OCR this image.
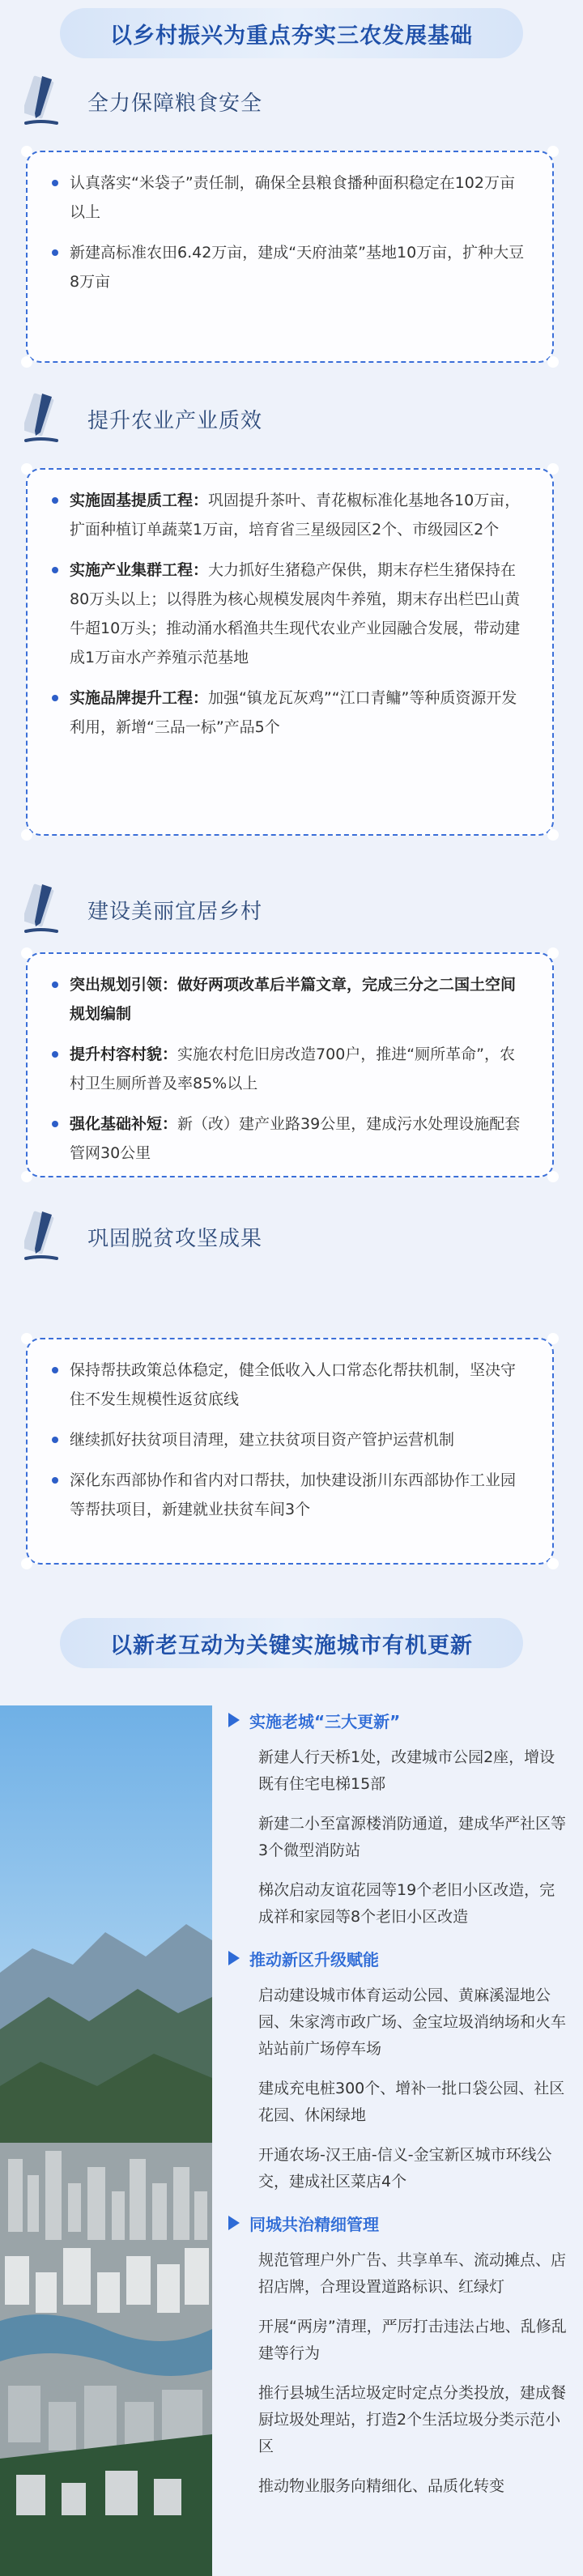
以乡村振兴为重点夯实三农发展基础
全力保障粮食安全
认真落实“米袋子”责任制，确保全县粮食播种面积稳定在102万亩以上
新建高标准农田6.42万亩，建成“天府油菜”基地10万亩，扩种大豆8万亩
提升农业产业质效
实施固基提质工程：巩固提升茶叶、青花椒标准化基地各10万亩，扩面种植订单蔬菜1万亩，培育省三星级园区2个、市级园区2个
实施产业集群工程：大力抓好生猪稳产保供，期末存栏生猪保持在80万头以上；以得胜为核心规模发展肉牛养殖，期末存出栏巴山黄牛超10万头；推动涌水稻渔共生现代农业产业园融合发展，带动建成1万亩水产养殖示范基地
实施品牌提升工程：加强“镇龙瓦灰鸡”“江口青鳙”等种质资源开发利用，新增“三品一标”产品5个
建设美丽宜居乡村
突出规划引领：做好两项改革后半篇文章，完成三分之二国土空间规划编制
提升村容村貌：实施农村危旧房改造700户，推进“厕所革命”，农村卫生厕所普及率85%以上
强化基础补短：新（改）建产业路39公里，建成污水处理设施配套管网30公里
巩固脱贫攻坚成果
保持帮扶政策总体稳定，健全低收入人口常态化帮扶机制，坚决守住不发生规模性返贫底线
继续抓好扶贫项目清理，建立扶贫项目资产管护运营机制
深化东西部协作和省内对口帮扶，加快建设浙川东西部协作工业园等帮扶项目，新建就业扶贫车间3个
以新老互动为关键实施城市有机更新
实施老城“三大更新”

新建人行天桥1处，改建城市公园2座，增设既有住宅电梯15部

新建二小至富源楼消防通道，建成华严社区等3个微型消防站

梯次启动友谊花园等19个老旧小区改造，完成祥和家园等8个老旧小区改造

推动新区升级赋能

启动建设城市体育运动公园、黄麻溪湿地公园、朱家湾市政广场、金宝垃圾消纳场和火车站站前广场停车场

建成充电桩300个、增补一批口袋公园、社区花园、休闲绿地

开通农场-汉王庙-信义-金宝新区城市环线公交，建成社区菜店4个

同城共治精细管理

规范管理户外广告、共享单车、流动摊点、店招店牌，合理设置道路标识、红绿灯

开展“两房”清理，严厉打击违法占地、乱修乱建等行为

推行县城生活垃圾定时定点分类投放，建成餐厨垃圾处理站，打造2个生活垃圾分类示范小区

推动物业服务向精细化、品质化转变
